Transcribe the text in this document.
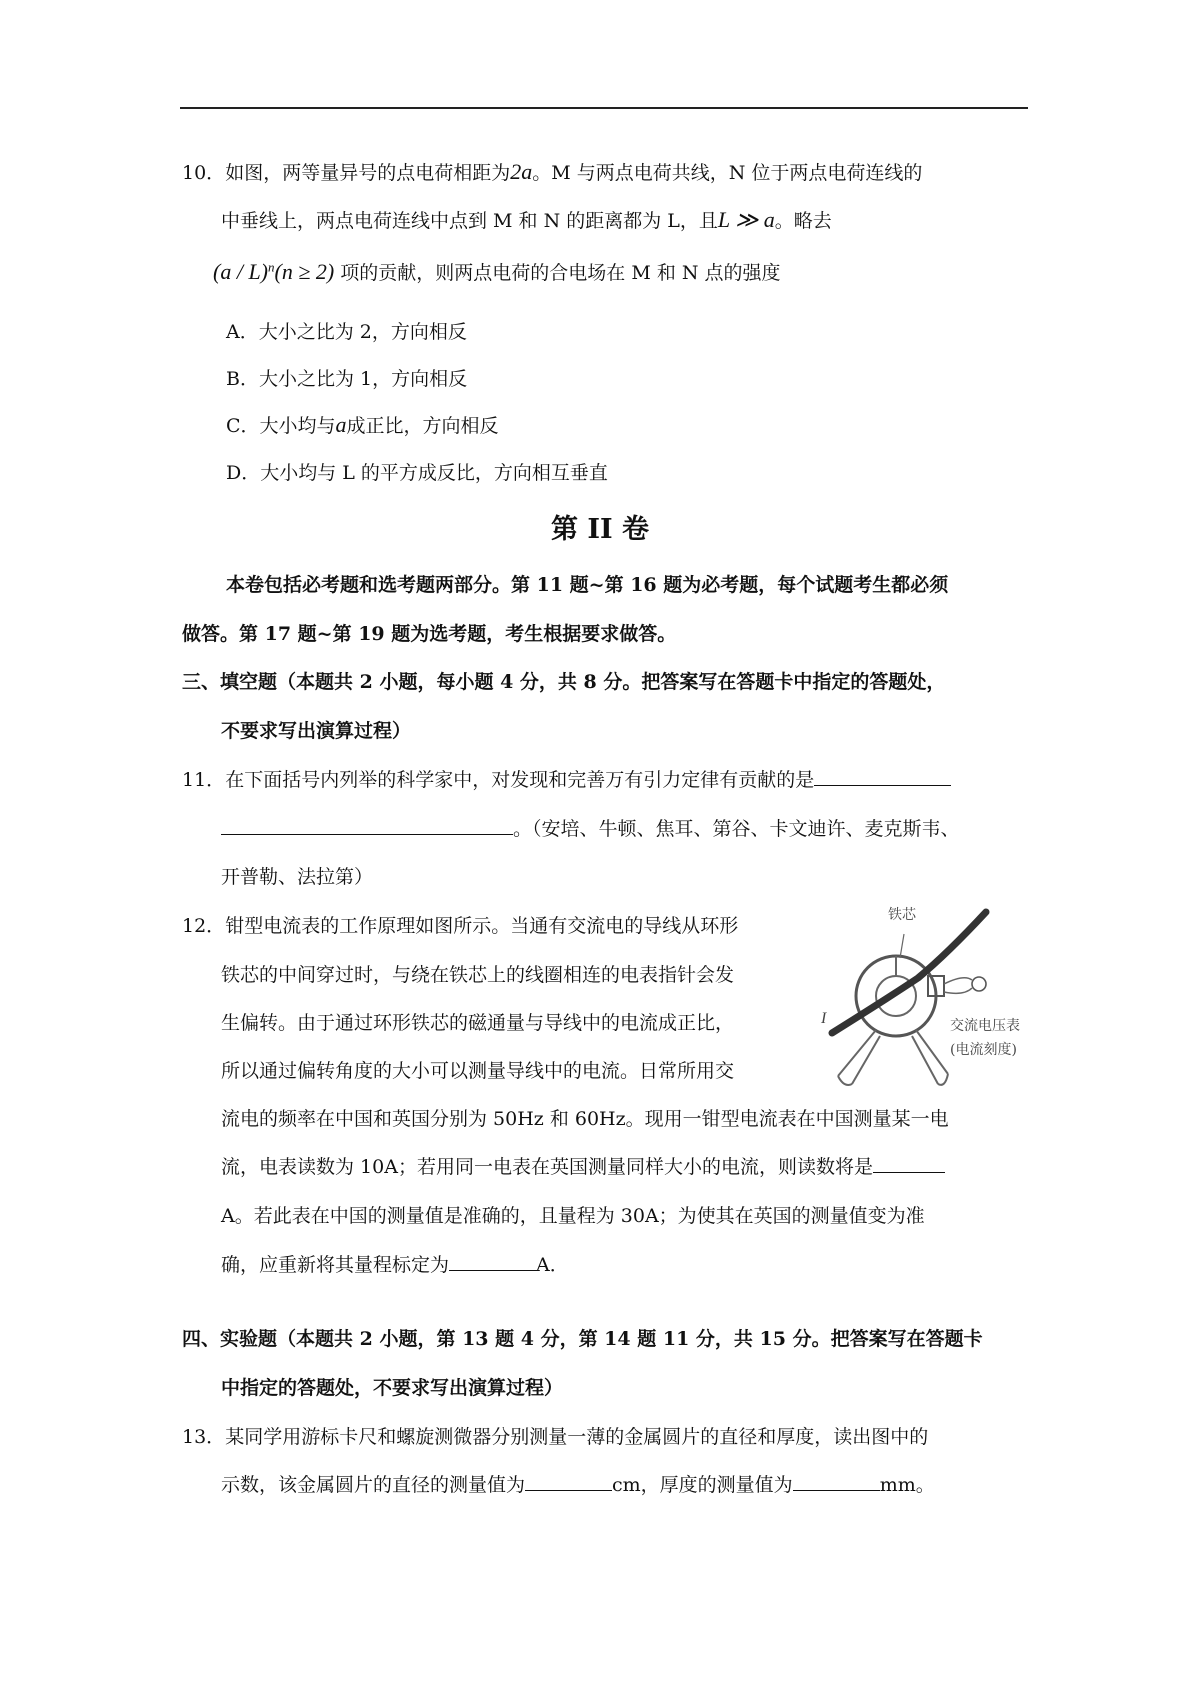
10．如图，两等量异号的点电荷相距为2a。M 与两点电荷共线，N 位于两点电荷连线的
中垂线上，两点电荷连线中点到 M 和 N 的距离都为 L，且L ≫ a。略去
(a / L)$^n$(n ≥ 2) 项的贡献，则两点电荷的合电场在 M 和 N 点的强度
A．大小之比为 2，方向相反
B．大小之比为 1，方向相反
C．大小均与a成正比，方向相反
D．大小均与 L 的平方成反比，方向相互垂直
第 II 卷
本卷包括必考题和选考题两部分。第 11 题~第 16 题为必考题，每个试题考生都必须
做答。第 17 题~第 19 题为选考题，考生根据要求做答。
三、填空题（本题共 2 小题，每小题 4 分，共 8 分。把答案写在答题卡中指定的答题处，
不要求写出演算过程）
11．在下面括号内列举的科学家中，对发现和完善万有引力定律有贡献的是
。（安培、牛顿、焦耳、第谷、卡文迪许、麦克斯韦、
开普勒、法拉第）
12．钳型电流表的工作原理如图所示。当通有交流电的导线从环形
铁芯的中间穿过时，与绕在铁芯上的线圈相连的电表指针会发
生偏转。由于通过环形铁芯的磁通量与导线中的电流成正比，
所以通过偏转角度的大小可以测量导线中的电流。日常所用交
流电的频率在中国和英国分别为 50Hz 和 60Hz。现用一钳型电流表在中国测量某一电
流，电表读数为 10A；若用同一电表在英国测量同样大小的电流，则读数将是
A。若此表在中国的测量值是准确的，且量程为 30A；为使其在英国的测量值变为准
确，应重新将其量程标定为	A．
铁芯
交流电压表
(电流刻度)
I
四、实验题（本题共 2 小题，第 13 题 4 分，第 14 题 11 分，共 15 分。把答案写在答题卡
中指定的答题处，不要求写出演算过程）
13．某同学用游标卡尺和螺旋测微器分别测量一薄的金属圆片的直径和厚度，读出图中的
示数，该金属圆片的直径的测量值为	cm，厚度的测量值为	mm。
